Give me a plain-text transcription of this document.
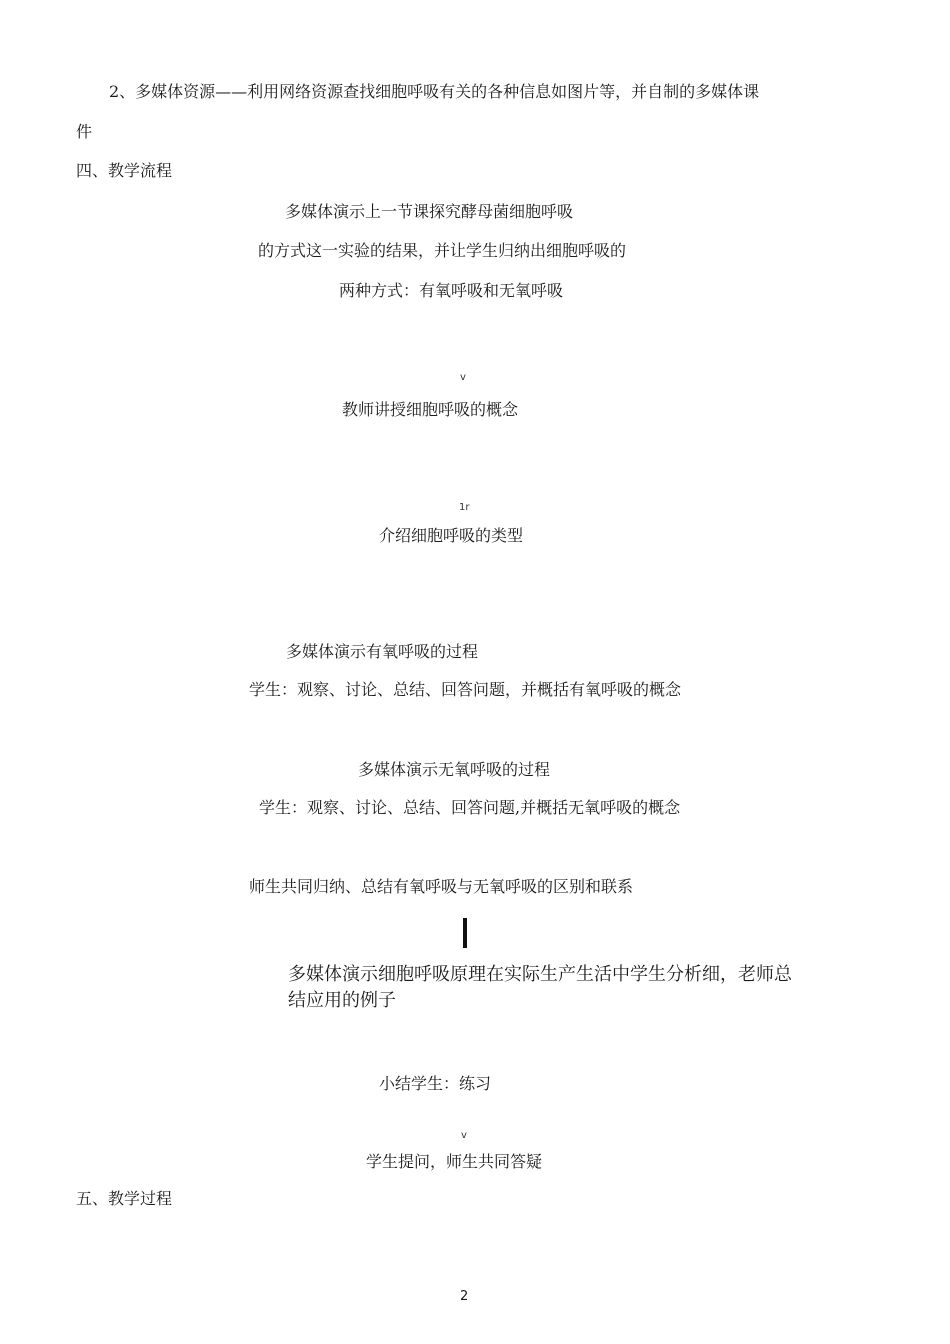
2、多媒体资源——利用网络资源查找细胞呼吸有关的各种信息如图片等，并自制的多媒体课
件
四、教学流程
多媒体演示上一节课探究酵母菌细胞呼吸
的方式这一实验的结果，并让学生归纳出细胞呼吸的
两种方式：有氧呼吸和无氧呼吸
v
教师讲授细胞呼吸的概念
1r
介绍细胞呼吸的类型
多媒体演示有氧呼吸的过程
学生：观察、讨论、总结、回答问题，并概括有氧呼吸的概念
多媒体演示无氧呼吸的过程
学生：观察、讨论、总结、回答问题,并概括无氧呼吸的概念
师生共同归纳、总结有氧呼吸与无氧呼吸的区别和联系
多媒体演示细胞呼吸原理在实际生产生活中学生分析细，老师总
结应用的例子
小结学生：练习
v
学生提问，师生共同答疑
五、教学过程
2
